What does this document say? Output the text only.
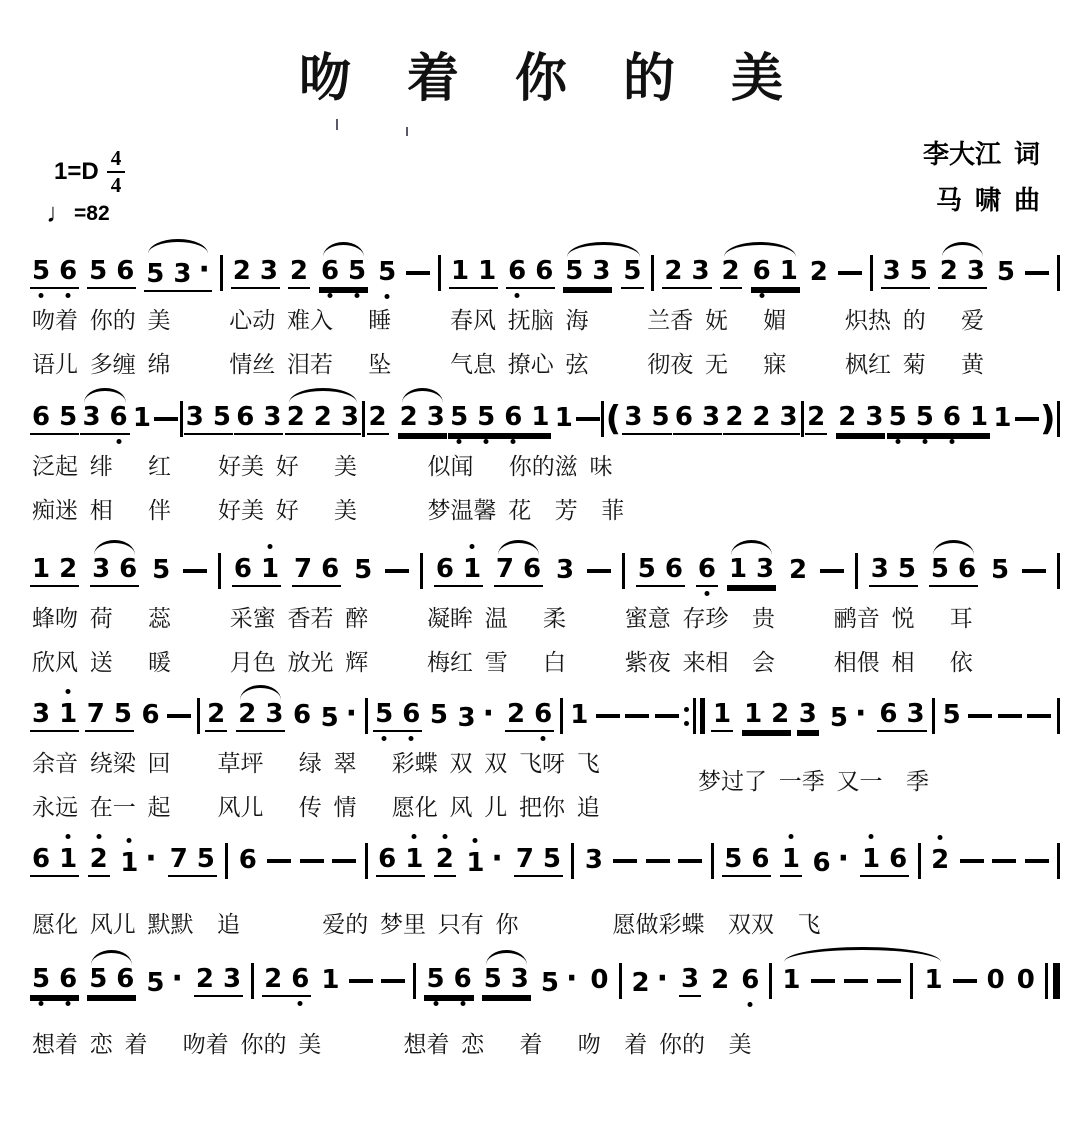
吻着你的美
$1=D \frac{4}{4}$
♩=82
李大江  词
马  啸  曲
5 6 5 6 5 3 · 2 3 2 6 5 5 1 1 6 6 5 3 5 2 3 2 6 1 2 3 5 2 3 5
吻着 你的 美     心动 难入   睡     春风 抚脑 海     兰香 妩   媚     炽热 的   爱
语儿 多缠 绵     情丝 泪若   坠     气息 撩心 弦     彻夜 无   寐     枫红 菊   黄
6 5 3 6 1 3 5 6 3 2 2 3 2 2 3 5 5 6 1 1 ( 3 5 6 3 2 2 3 2 2 3 5 5 6 1 1 )
泛起 绯   红    好美 好   美      似闻   你的滋 味
痴迷 相   伴    好美 好   美      梦温馨 花  芳  菲
1 2 3 6 5 6 1 7 6 5 6 1 7 6 3 5 6 6 1 3 2 3 5 5 6 5
蜂吻 荷   蕊     采蜜 香若 醉     凝眸 温   柔     蜜意 存珍  贵     鹂音 悦   耳
欣风 送   暖     月色 放光 辉     梅红 雪   白     紫夜 来相  会     相偎 相   依
3 1 7 5 6 2 2 3 6 5 · 5 6 5 3 · 2 6 1	1 1 2 3 5 · 6 3 5
余音 绕梁 回    草坪   绿 翠   彩蝶 双 双 飞呀 飞
梦过了 一季 又一  季
永远 在一 起    风儿   传 情   愿化 风 儿 把你 追
6 1 2 1 · 7 5 6	6 1 2 1 · 7 5 3	5 6 1 6 · 1 6 2
愿化 风儿 默默  追       爱的 梦里 只有 你        愿做彩蝶  双双  飞
5 6 5 6 5 · 2 3 2 6 1	5 6 5 3 5 · 0 2 · 3 2 6 1	1 0 0
想着 恋 着   吻着 你的 美       想着 恋   着   吻  着 你的  美
